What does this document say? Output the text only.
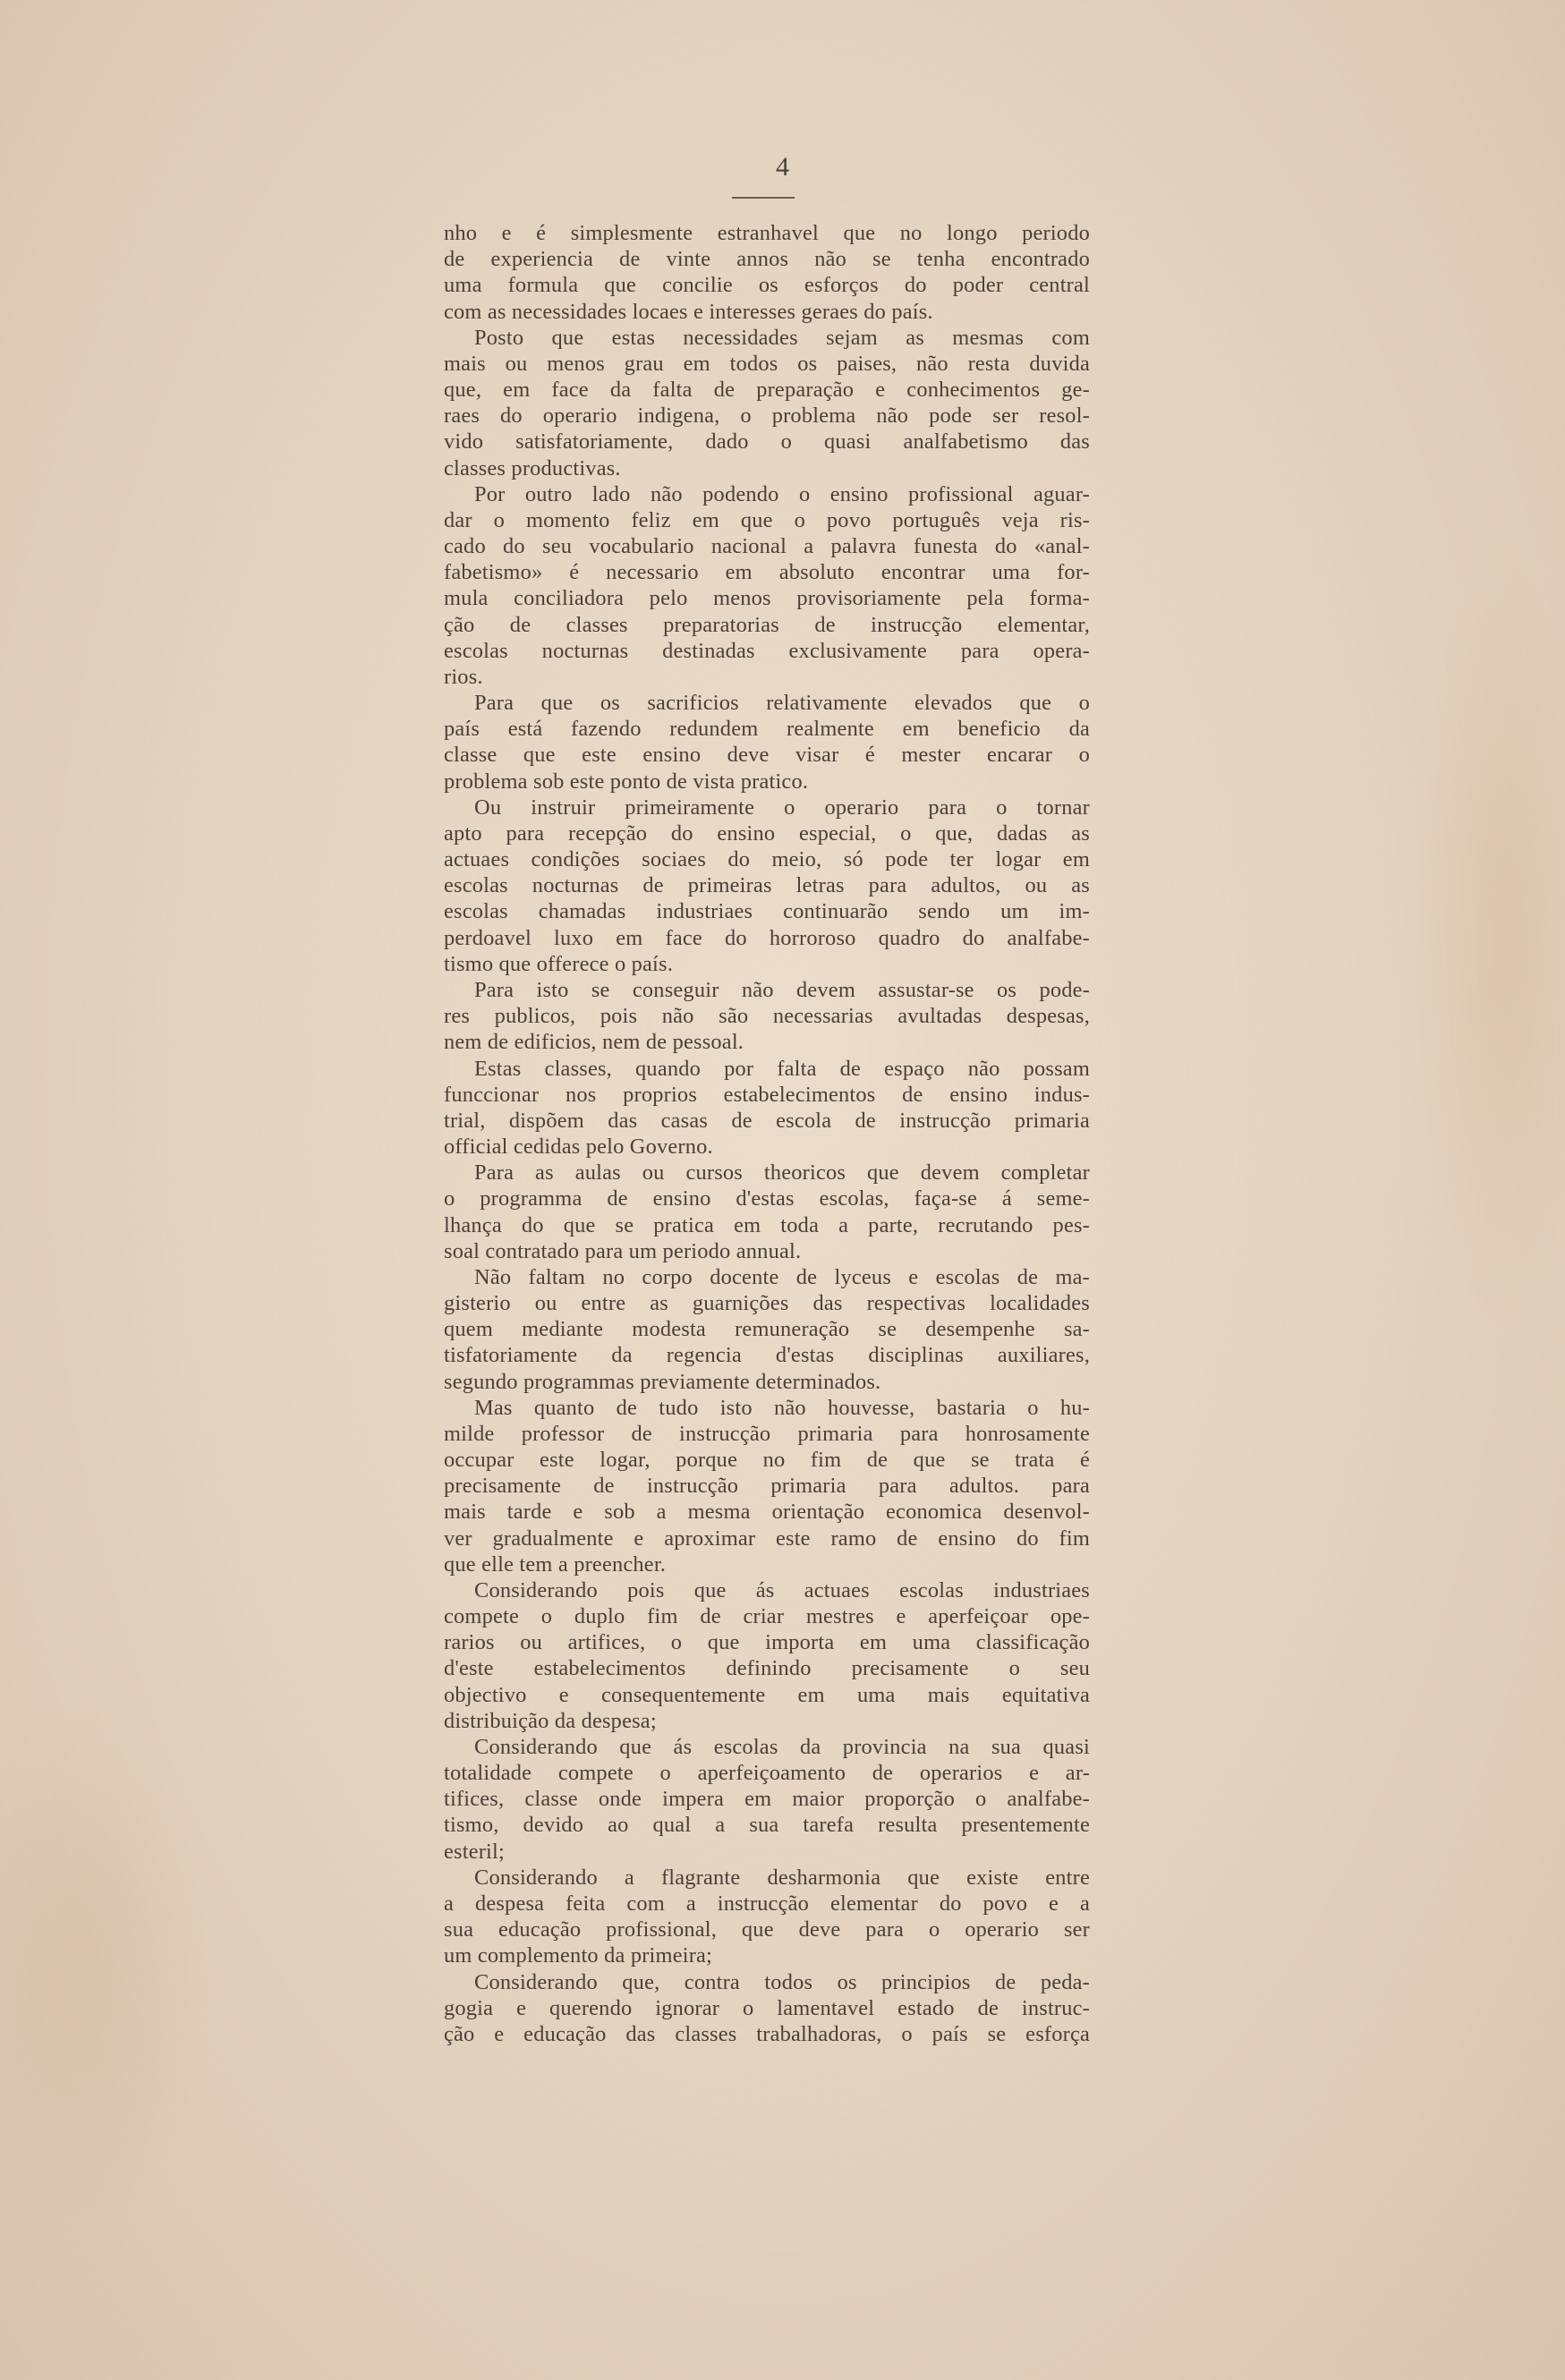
4
nho e é simplesmente estranhavel que no longo periodo
de experiencia de vinte annos não se tenha encontrado
uma formula que concilie os esforços do poder central
com as necessidades locaes e interesses geraes do país.
Posto que estas necessidades sejam as mesmas com
mais ou menos grau em todos os paises, não resta duvida
que, em face da falta de preparação e conhecimentos ge-
raes do operario indigena, o problema não pode ser resol-
vido satisfatoriamente, dado o quasi analfabetismo das
classes productivas.
Por outro lado não podendo o ensino profissional aguar-
dar o momento feliz em que o povo português veja ris-
cado do seu vocabulario nacional a palavra funesta do «anal-
fabetismo» é necessario em absoluto encontrar uma for-
mula conciliadora pelo menos provisoriamente pela forma-
ção de classes preparatorias de instrucção elementar,
escolas nocturnas destinadas exclusivamente para opera-
rios.
Para que os sacrificios relativamente elevados que o
país está fazendo redundem realmente em beneficio da
classe que este ensino deve visar é mester encarar o
problema sob este ponto de vista pratico.
Ou instruir primeiramente o operario para o tornar
apto para recepção do ensino especial, o que, dadas as
actuaes condições sociaes do meio, só pode ter logar em
escolas nocturnas de primeiras letras para adultos, ou as
escolas chamadas industriaes continuarão sendo um im-
perdoavel luxo em face do horroroso quadro do analfabe-
tismo que offerece o país.
Para isto se conseguir não devem assustar-se os pode-
res publicos, pois não são necessarias avultadas despesas,
nem de edificios, nem de pessoal.
Estas classes, quando por falta de espaço não possam
funccionar nos proprios estabelecimentos de ensino indus-
trial, dispõem das casas de escola de instrucção primaria
official cedidas pelo Governo.
Para as aulas ou cursos theoricos que devem completar
o programma de ensino d'estas escolas, faça-se á seme-
lhança do que se pratica em toda a parte, recrutando pes-
soal contratado para um periodo annual.
Não faltam no corpo docente de lyceus e escolas de ma-
gisterio ou entre as guarnições das respectivas localidades
quem mediante modesta remuneração se desempenhe sa-
tisfatoriamente da regencia d'estas disciplinas auxiliares,
segundo programmas previamente determinados.
Mas quanto de tudo isto não houvesse, bastaria o hu-
milde professor de instrucção primaria para honrosamente
occupar este logar, porque no fim de que se trata é
precisamente de instrucção primaria para adultos. para
mais tarde e sob a mesma orientação economica desenvol-
ver gradualmente e aproximar este ramo de ensino do fim
que elle tem a preencher.
Considerando pois que ás actuaes escolas industriaes
compete o duplo fim de criar mestres e aperfeiçoar ope-
rarios ou artifices, o que importa em uma classificação
d'este estabelecimentos definindo precisamente o seu
objectivo e consequentemente em uma mais equitativa
distribuição da despesa;
Considerando que ás escolas da provincia na sua quasi
totalidade compete o aperfeiçoamento de operarios e ar-
tifices, classe onde impera em maior proporção o analfabe-
tismo, devido ao qual a sua tarefa resulta presentemente
esteril;
Considerando a flagrante desharmonia que existe entre
a despesa feita com a instrucção elementar do povo e a
sua educação profissional, que deve para o operario ser
um complemento da primeira;
Considerando que, contra todos os principios de peda-
gogia e querendo ignorar o lamentavel estado de instruc-
ção e educação das classes trabalhadoras, o país se esforça
